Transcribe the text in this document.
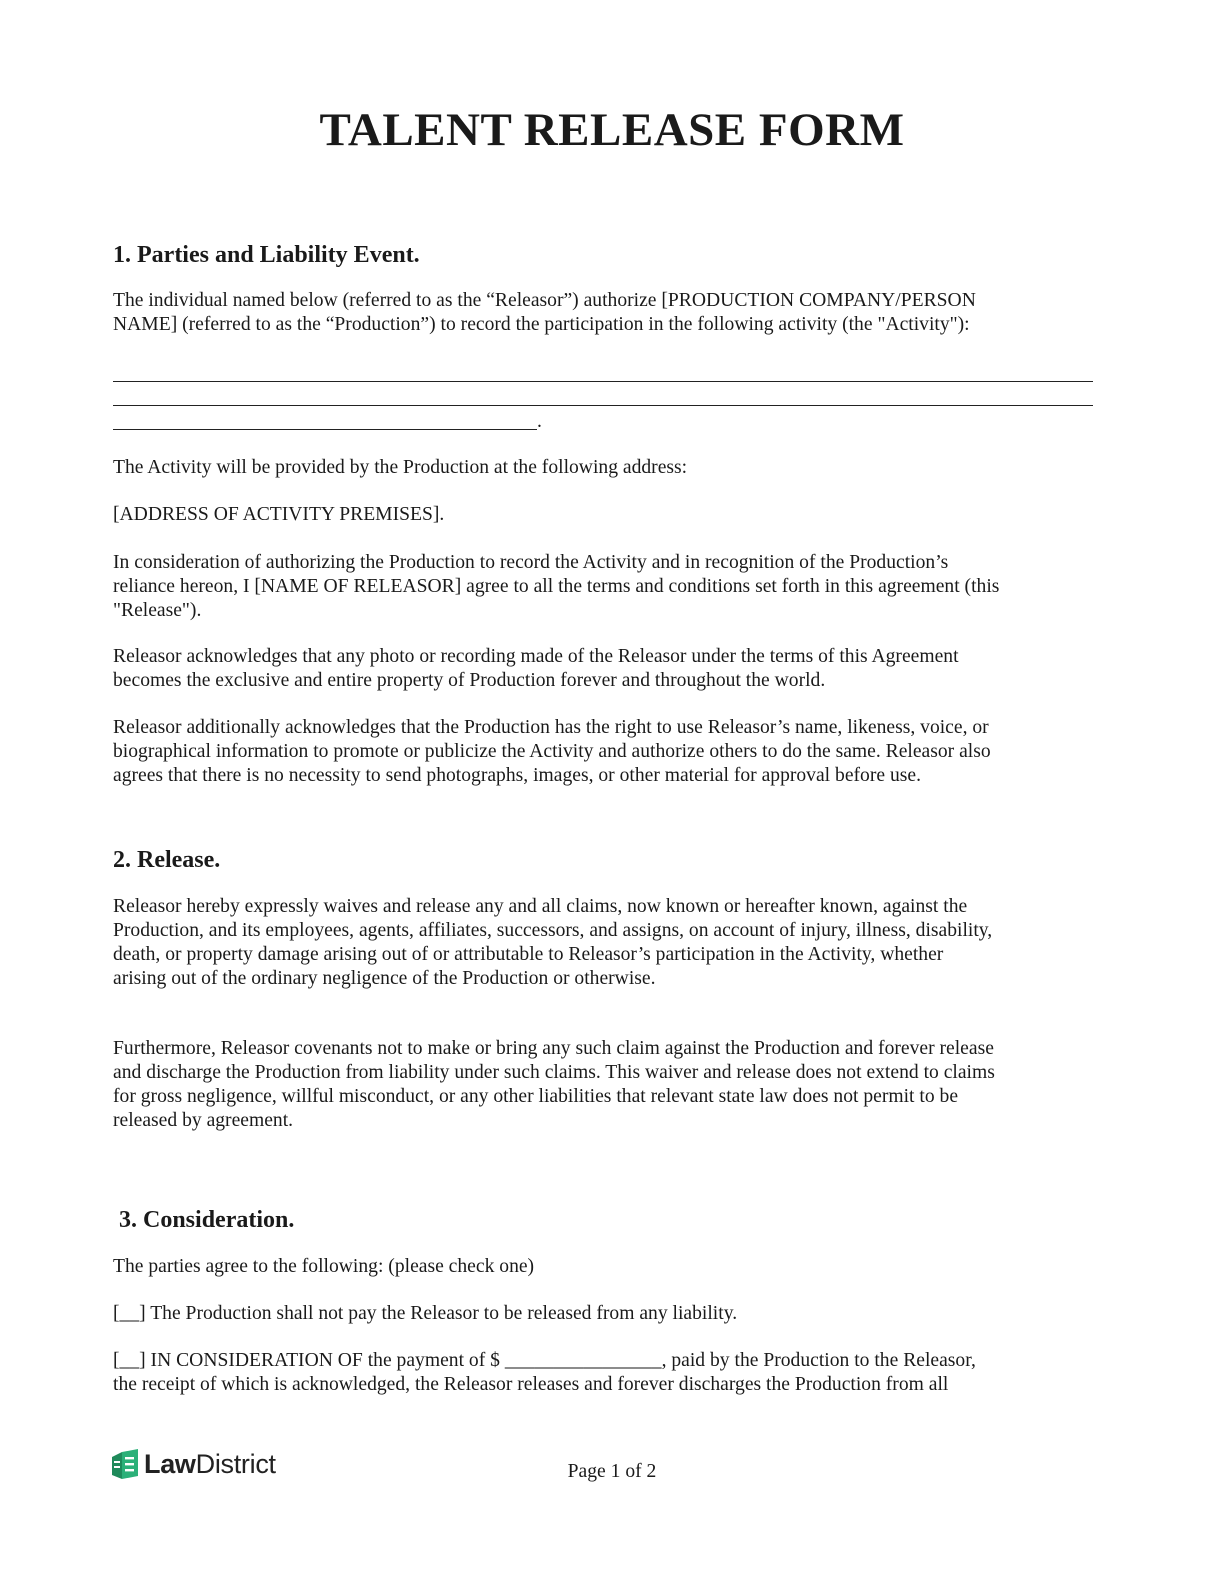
TALENT RELEASE FORM
1. Parties and Liability Event.
The individual named below (referred to as the “Releasor”) authorize [PRODUCTION COMPANY/PERSON
NAME] (referred to as the “Production”) to record the participation in the following activity (the "Activity"):
.
The Activity will be provided by the Production at the following address:
[ADDRESS OF ACTIVITY PREMISES].
In consideration of authorizing the Production to record the Activity and in recognition of the Production’s
reliance hereon, I [NAME OF RELEASOR] agree to all the terms and conditions set forth in this agreement (this
"Release").
Releasor acknowledges that any photo or recording made of the Releasor under the terms of this Agreement
becomes the exclusive and entire property of Production forever and throughout the world.
Releasor additionally acknowledges that the Production has the right to use Releasor’s name, likeness, voice, or
biographical information to promote or publicize the Activity and authorize others to do the same. Releasor also
agrees that there is no necessity to send photographs, images, or other material for approval before use.
2. Release.
Releasor hereby expressly waives and release any and all claims, now known or hereafter known, against the
Production, and its employees, agents, affiliates, successors, and assigns, on account of injury, illness, disability,
death, or property damage arising out of or attributable to Releasor’s participation in the Activity, whether
arising out of the ordinary negligence of the Production or otherwise.
Furthermore, Releasor covenants not to make or bring any such claim against the Production and forever release
and discharge the Production from liability under such claims. This waiver and release does not extend to claims
for gross negligence, willful misconduct, or any other liabilities that relevant state law does not permit to be
released by agreement.
3. Consideration.
The parties agree to the following: (please check one)
[__] The Production shall not pay the Releasor to be released from any liability.
[__] IN CONSIDERATION OF the payment of $ ________________, paid by the Production to the Releasor,
the receipt of which is acknowledged, the Releasor releases and forever discharges the Production from all
LawDistrict	Page 1 of 2
